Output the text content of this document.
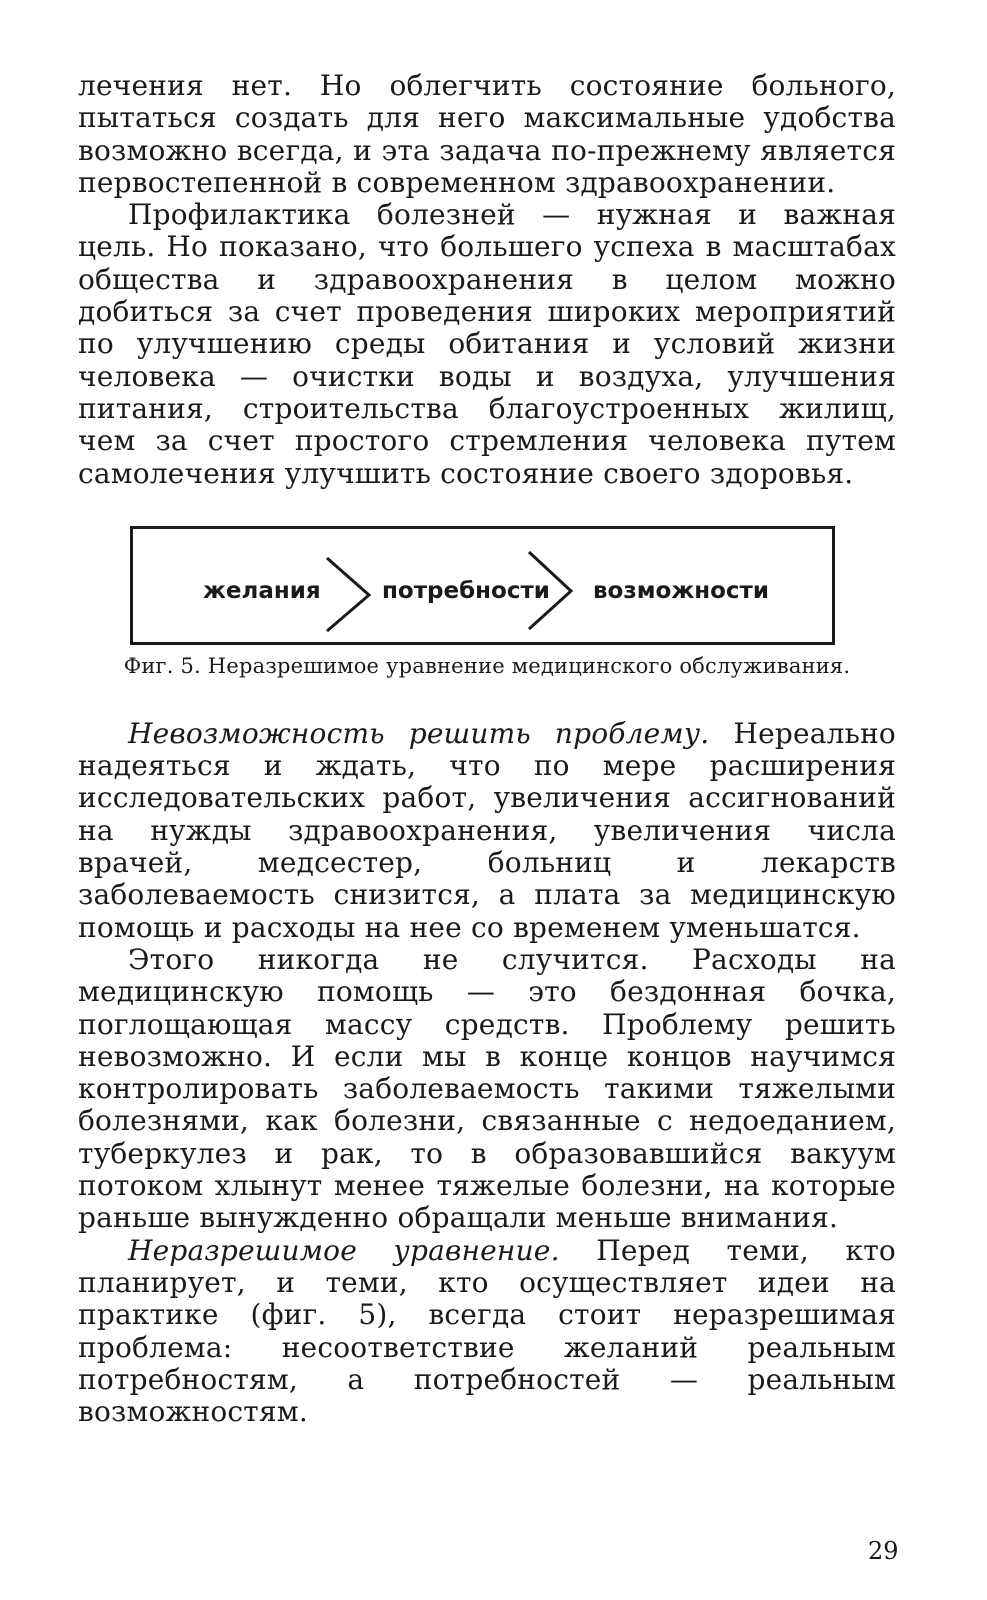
лечения нет. Но облегчить состояние больного, пытаться создать для него максимальные удобства возможно всегда, и эта задача по-прежнему является первостепенной в современном здравоохранении.

Профилактика болезней — нужная и важная цель. Но показано, что большего успеха в масштабах общества и здравоохранения в целом можно добиться за счет проведения широких мероприятий по улучшению среды обитания и условий жизни человека — очистки воды и воздуха, улучшения питания, строительства благоустроенных жилищ, чем за счет простого стремления человека путем самолечения улучшить состояние своего здоровья.

желания	потребности возможности
Фиг. 5. Неразрешимое уравнение медицинского обслуживания.

Невозможность решить проблему. Нереально надеяться и ждать, что по мере расширения исследовательских работ, увеличения ассигнований на нужды здравоохранения, увеличения числа врачей, медсестер, больниц и лекарств заболеваемость снизится, а плата за медицинскую помощь и расходы на нее со временем уменьшатся.

Этого никогда не случится. Расходы на медицинскую помощь — это бездонная бочка, поглощающая массу средств. Проблему решить невозможно. И если мы в конце концов научимся контролировать заболеваемость такими тяжелыми болезнями, как болезни, связанные с недоеданием, туберкулез и рак, то в образовавшийся вакуум потоком хлынут менее тяжелые болезни, на которые раньше вынужденно обращали меньше внимания.

Неразрешимое уравнение. Перед теми, кто планирует, и теми, кто осуществляет идеи на практике (фиг. 5), всегда стоит неразрешимая проблема: несоответствие желаний реальным потребностям, а потребностей — реальным возможностям.

29
